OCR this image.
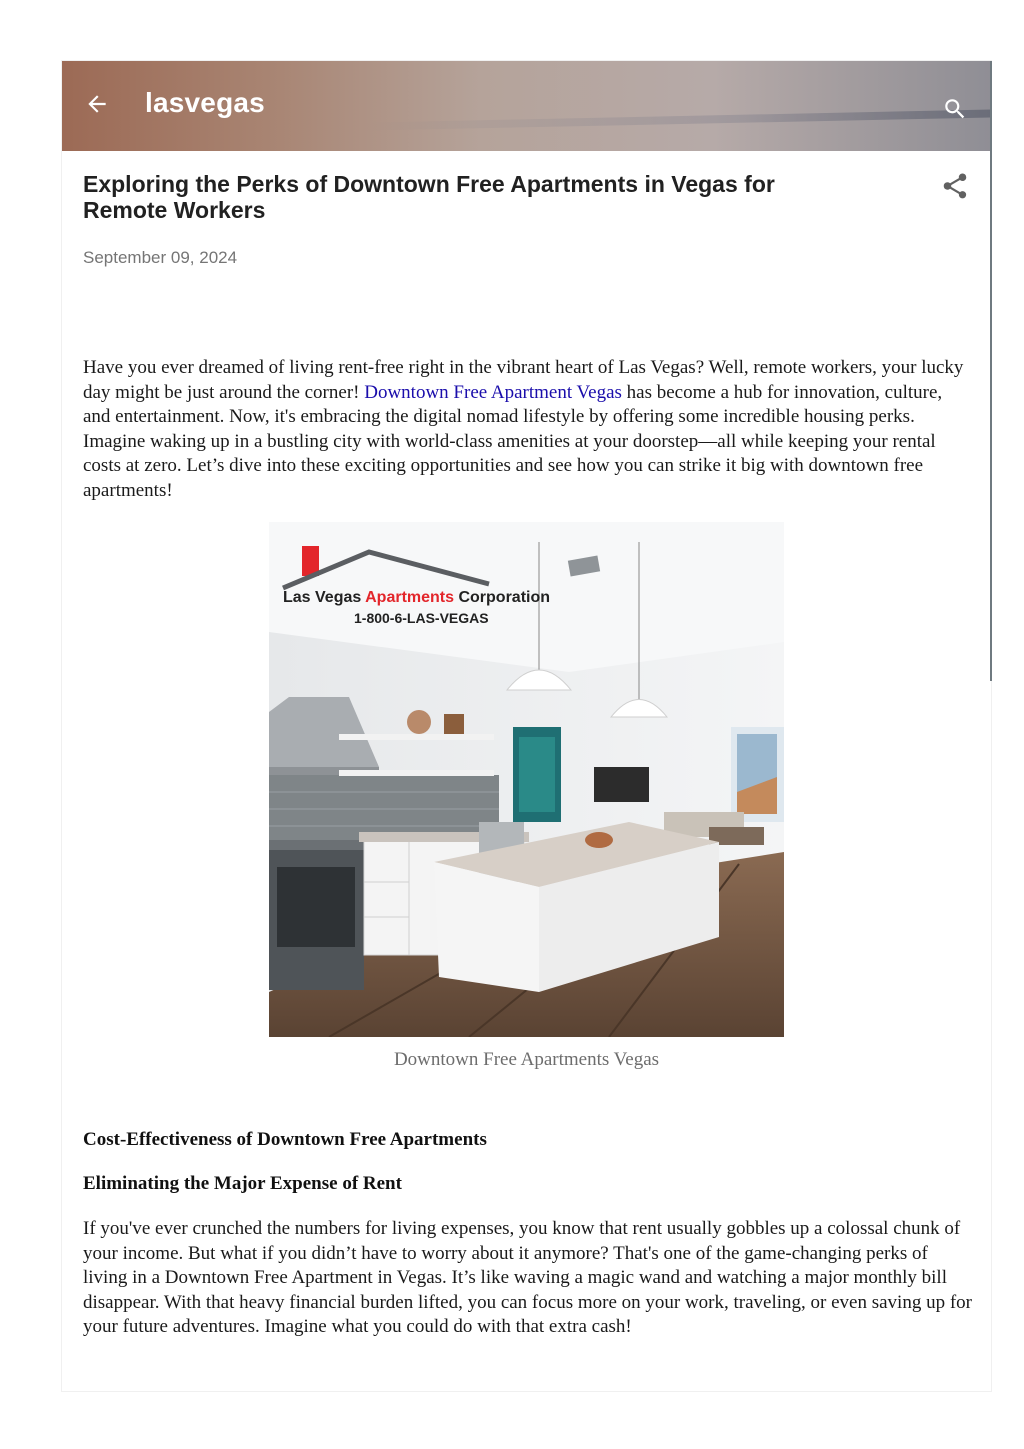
lasvegas
Exploring the Perks of Downtown Free Apartments in Vegas for Remote Workers
September 09, 2024

Have you ever dreamed of living rent-free right in the vibrant heart of Las Vegas? Well, remote workers, your lucky day might be just around the corner! Downtown Free Apartment Vegas has become a hub for innovation, culture, and entertainment. Now, it's embracing the digital nomad lifestyle by offering some incredible housing perks. Imagine waking up in a bustling city with world-class amenities at your doorstep—all while keeping your rental costs at zero. Let’s dive into these exciting opportunities and see how you can strike it big with downtown free apartments!

Las Vegas Apartments Corporation
1-800-6-LAS-VEGAS
Downtown Free Apartments Vegas
Cost-Effectiveness of Downtown Free Apartments
Eliminating the Major Expense of Rent

If you've ever crunched the numbers for living expenses, you know that rent usually gobbles up a colossal chunk of your income. But what if you didn’t have to worry about it anymore? That's one of the game-changing perks of living in a Downtown Free Apartment in Vegas. It’s like waving a magic wand and watching a major monthly bill disappear. With that heavy financial burden lifted, you can focus more on your work, traveling, or even saving up for your future adventures. Imagine what you could do with that extra cash!
